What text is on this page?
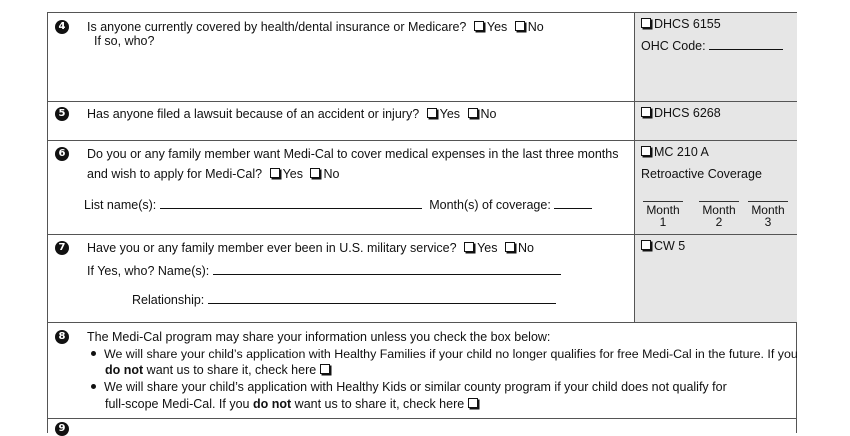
4 Is anyone currently covered by health/dental insurance or Medicare? Yes No
If so, who?
DHCS 6155
OHC Code:
5 Has anyone filed a lawsuit because of an accident or injury? Yes No	DHCS 6268
6 Do you or any family member want Medi-Cal to cover medical expenses in the last three months
and wish to apply for Medi-Cal? Yes No
List name(s):	Month(s) of coverage:
MC 210 A
Retroactive Coverage
Month
1
Month
2
Month
3
7 Have you or any family member ever been in U.S. military service? Yes No
If Yes, who? Name(s):
Relationship:
CW 5
8 The Medi-Cal program may share your information unless you check the box below:
We will share your child’s application with Healthy Families if your child no longer qualifies for free Medi-Cal in the future. If you
do not want us to share it, check here
We will share your child’s application with Healthy Kids or similar county program if your child does not qualify for
full-scope Medi-Cal. If you do not want us to share it, check here
9
